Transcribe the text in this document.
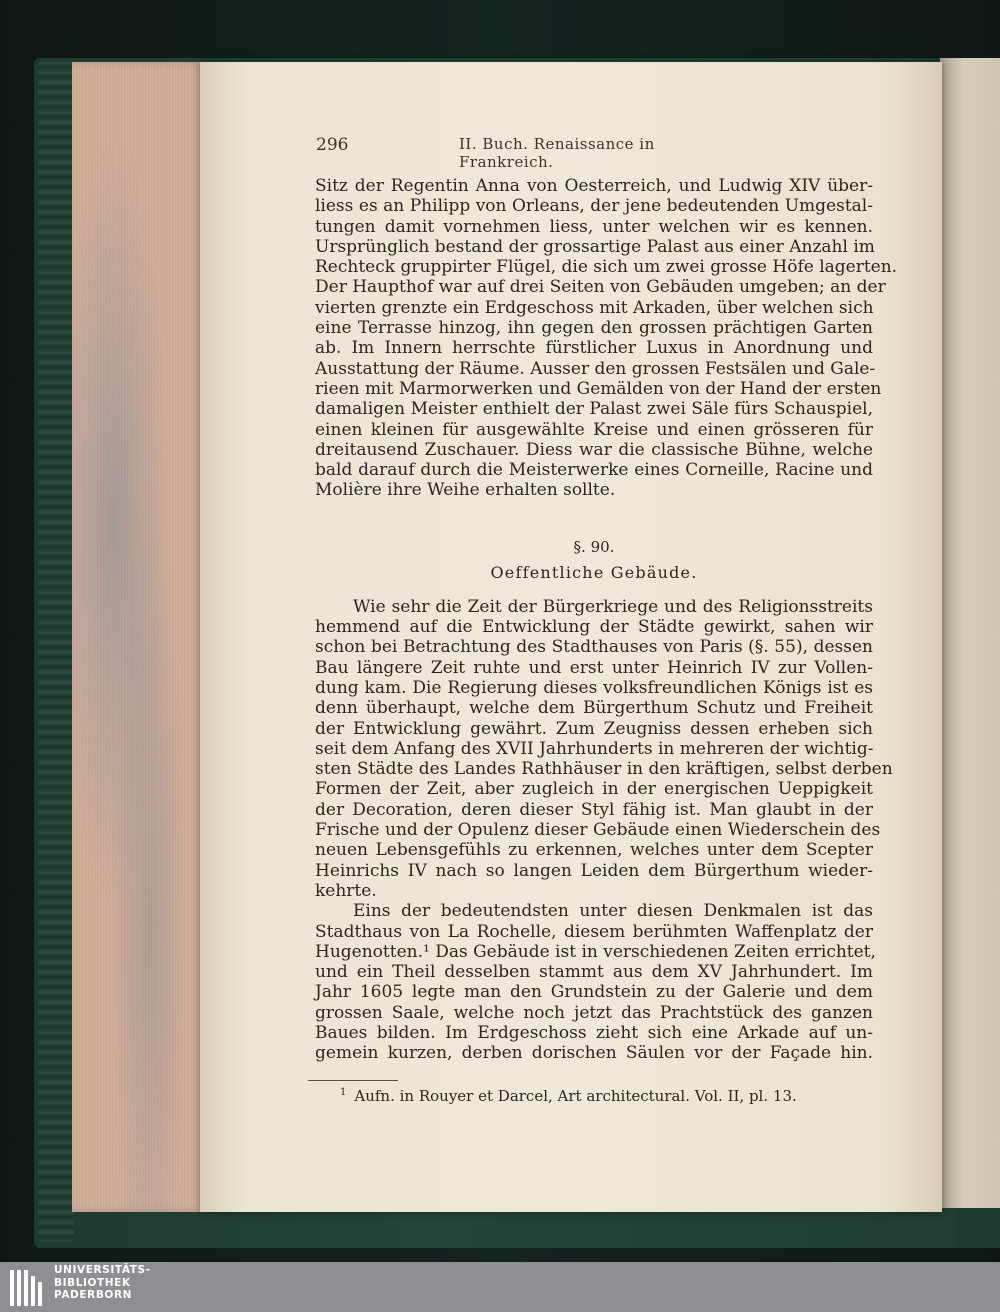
296	II. Buch. Renaissance in Frankreich.
Sitz der Regentin Anna von Oesterreich, und Ludwig XIV über-
liess es an Philipp von Orleans, der jene bedeutenden Umgestal-
tungen damit vornehmen liess, unter welchen wir es kennen.
Ursprünglich bestand der grossartige Palast aus einer Anzahl im
Rechteck gruppirter Flügel, die sich um zwei grosse Höfe lagerten.
Der Haupthof war auf drei Seiten von Gebäuden umgeben; an der
vierten grenzte ein Erdgeschoss mit Arkaden, über welchen sich
eine Terrasse hinzog, ihn gegen den grossen prächtigen Garten
ab. Im Innern herrschte fürstlicher Luxus in Anordnung und
Ausstattung der Räume. Ausser den grossen Festsälen und Gale-
rieen mit Marmorwerken und Gemälden von der Hand der ersten
damaligen Meister enthielt der Palast zwei Säle fürs Schauspiel,
einen kleinen für ausgewählte Kreise und einen grösseren für
dreitausend Zuschauer. Diess war die classische Bühne, welche
bald darauf durch die Meisterwerke eines Corneille, Racine und
Molière ihre Weihe erhalten sollte.
§. 90.
Oeffentliche Gebäude.
Wie sehr die Zeit der Bürgerkriege und des Religionsstreits
hemmend auf die Entwicklung der Städte gewirkt, sahen wir
schon bei Betrachtung des Stadthauses von Paris (§. 55), dessen
Bau längere Zeit ruhte und erst unter Heinrich IV zur Vollen-
dung kam. Die Regierung dieses volksfreundlichen Königs ist es
denn überhaupt, welche dem Bürgerthum Schutz und Freiheit
der Entwicklung gewährt. Zum Zeugniss dessen erheben sich
seit dem Anfang des XVII Jahrhunderts in mehreren der wichtig-
sten Städte des Landes Rathhäuser in den kräftigen, selbst derben
Formen der Zeit, aber zugleich in der energischen Ueppigkeit
der Decoration, deren dieser Styl fähig ist. Man glaubt in der
Frische und der Opulenz dieser Gebäude einen Wiederschein des
neuen Lebensgefühls zu erkennen, welches unter dem Scepter
Heinrichs IV nach so langen Leiden dem Bürgerthum wieder-
kehrte.
Eins der bedeutendsten unter diesen Denkmalen ist das
Stadthaus von La Rochelle, diesem berühmten Waffenplatz der
Hugenotten.¹ Das Gebäude ist in verschiedenen Zeiten errichtet,
und ein Theil desselben stammt aus dem XV Jahrhundert. Im
Jahr 1605 legte man den Grundstein zu der Galerie und dem
grossen Saale, welche noch jetzt das Prachtstück des ganzen
Baues bilden. Im Erdgeschoss zieht sich eine Arkade auf un-
gemein kurzen, derben dorischen Säulen vor der Façade hin.
$^1$ Aufn. in Rouyer et Darcel, Art architectural. Vol. II, pl. 13.
UNIVERSITÄTS-
BIBLIOTHEK
PADERBORN
